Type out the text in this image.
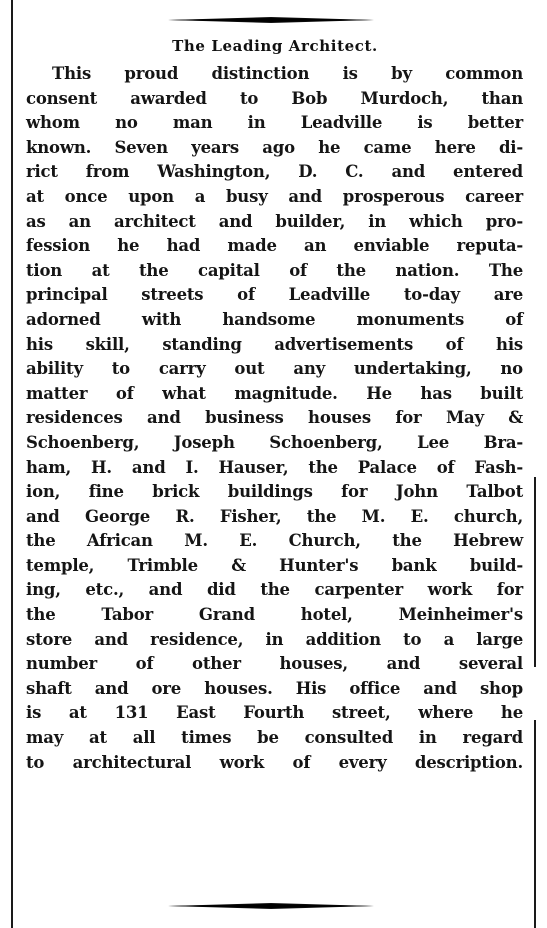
The Leading Architect.
This proud distinction is by common
consent awarded to Bob Murdoch, than
whom no man in Leadville is better
known. Seven years ago he came here di-
rict from Washington, D. C. and entered
at once upon a busy and prosperous career
as an architect and builder, in which pro-
fession he had made an enviable reputa-
tion at the capital of the nation. The
principal streets of Leadville to-day are
adorned with handsome monuments of
his skill, standing advertisements of his
ability to carry out any undertaking, no
matter of what magnitude. He has built
residences and business houses for May &
Schoenberg, Joseph Schoenberg, Lee Bra-
ham, H. and I. Hauser, the Palace of Fash-
ion, fine brick buildings for John Talbot
and George R. Fisher, the M. E. church,
the African M. E. Church, the Hebrew
temple, Trimble & Hunter's bank build-
ing, etc., and did the carpenter work for
the Tabor Grand hotel, Meinheimer's
store and residence, in addition to a large
number of other houses, and several
shaft and ore houses. His office and shop
is at 131 East Fourth street, where he
may at all times be consulted in regard
to architectural work of every description.
